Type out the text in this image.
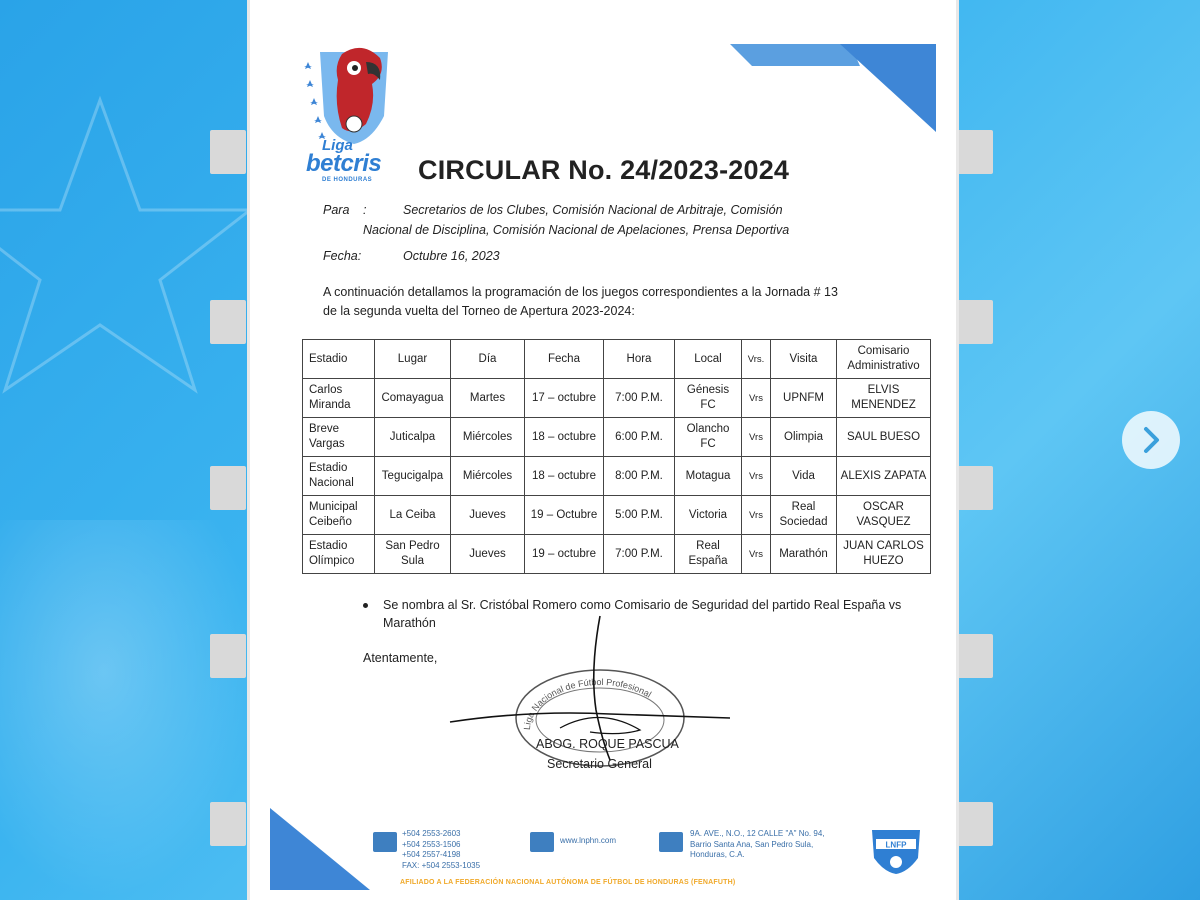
Liga
betcris
DE HONDURAS CIRCULAR No. 24/2023-2024
Para :	Secretarios de los Clubes, Comisión Nacional de Arbitraje, Comisión
Nacional de Disciplina, Comisión Nacional de Apelaciones, Prensa Deportiva
Fecha:	Octubre 16, 2023
A continuación detallamos la programación de los juegos correspondientes a la Jornada # 13
de la segunda vuelta del Torneo de Apertura 2023-2024:
Estadio	Lugar	Día	Fecha	Hora	Local	Vrs.	Visita	Comisario Administrativo
Carlos Miranda	Comayagua	Martes	17 – octubre	7:00 P.M.	Génesis FC	Vrs	UPNFM	ELVIS MENENDEZ
Breve Vargas	Juticalpa	Miércoles	18 – octubre	6:00 P.M.	Olancho FC	Vrs	Olimpia	SAUL BUESO
Estadio Nacional	Tegucigalpa	Miércoles	18 – octubre	8:00 P.M.	Motagua	Vrs	Vida	ALEXIS ZAPATA
Municipal Ceibeño	La Ceiba	Jueves	19 – Octubre	5:00 P.M.	Victoria	Vrs	Real Sociedad	OSCAR VASQUEZ
Estadio Olímpico	San Pedro Sula	Jueves	19 – octubre	7:00 P.M.	Real España	Vrs	Marathón	JUAN CARLOS HUEZO
Se nombra al Sr. Cristóbal Romero como Comisario de Seguridad del partido Real España vs Marathón
Atentamente,
Liga Nacional de Fútbol Profesional
ABOG. ROQUE PASCUA
Secretario General
+504 2553-2603
+504 2553-1506
+504 2557-4198
FAX: +504 2553-1035
www.lnphn.com
9A. AVE., N.O., 12 CALLE "A" No. 94,
Barrio Santa Ana, San Pedro Sula,
Honduras, C.A.
LNFP
AFILIADO A LA FEDERACIÓN NACIONAL AUTÓNOMA DE FÚTBOL DE HONDURAS (FENAFUTH)
